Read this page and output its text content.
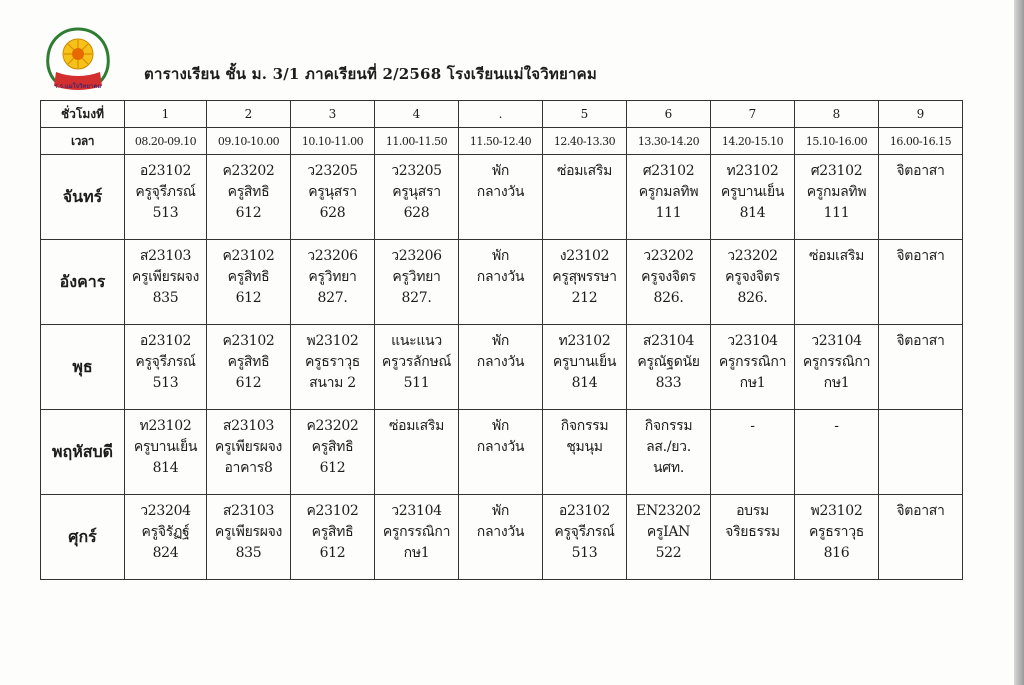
ร.ร.แม่ใจวิทยาคม
ตารางเรียน ชั้น ม. 3/1 ภาคเรียนที่ 2/2568 โรงเรียนแม่ใจวิทยาคม
ชั่วโมงที่	1	2	3	4	.	5	6	7	8	9
เวลา	08.20-09.10	09.10-10.00	10.10-11.00	11.00-11.50	11.50-12.40	12.40-13.30	13.30-14.20	14.20-15.10	15.10-16.00	16.00-16.15
จันทร์	อ23102
ครูจุรีภรณ์
513	ค23202
ครูสิทธิ
612	ว23205
ครูนุสรา
628	ว23205
ครูนุสรา
628	พัก
กลางวัน	ซ่อมเสริม	ศ23102
ครูกมลทิพ
111	ท23102
ครูบานเย็น
814	ศ23102
ครูกมลทิพ
111	จิตอาสา

อังคาร	ส23103
ครูเพียรผจง
835	ค23102
ครูสิทธิ
612	ว23206
ครูวิทยา
827.	ว23206
ครูวิทยา
827.	พัก
กลางวัน	ง23102
ครูสุพรรษา
212	ว23202
ครูจงจิตร
826.	ว23202
ครูจงจิตร
826.	ซ่อมเสริม	จิตอาสา

พุธ	อ23102
ครูจุรีภรณ์
513	ค23102
ครูสิทธิ
612	พ23102
ครูธราวุธ
สนาม 2	แนะแนว
ครูวรลักษณ์
511	พัก
กลางวัน	ท23102
ครูบานเย็น
814	ส23104
ครูณัฐดนัย
833	ว23104
ครูกรรณิกา
กษ1	ว23104
ครูกรรณิกา
กษ1	จิตอาสา

พฤหัสบดี	ท23102
ครูบานเย็น
814	ส23103
ครูเพียรผจง
อาคาร8	ค23202
ครูสิทธิ
612	ซ่อมเสริม	พัก
กลางวัน	กิจกรรม
ชุมนุม	กิจกรรม
ลส./ยว.
นศท.	-	-	

ศุกร์	ว23204
ครูจิรัฏฐ์
824	ส23103
ครูเพียรผจง
835	ค23102
ครูสิทธิ
612	ว23104
ครูกรรณิกา
กษ1	พัก
กลางวัน	อ23102
ครูจุรีภรณ์
513	EN23202
ครูIAN
522	อบรม
จริยธรรม	พ23102
ครูธราวุธ
816	จิตอาสา
